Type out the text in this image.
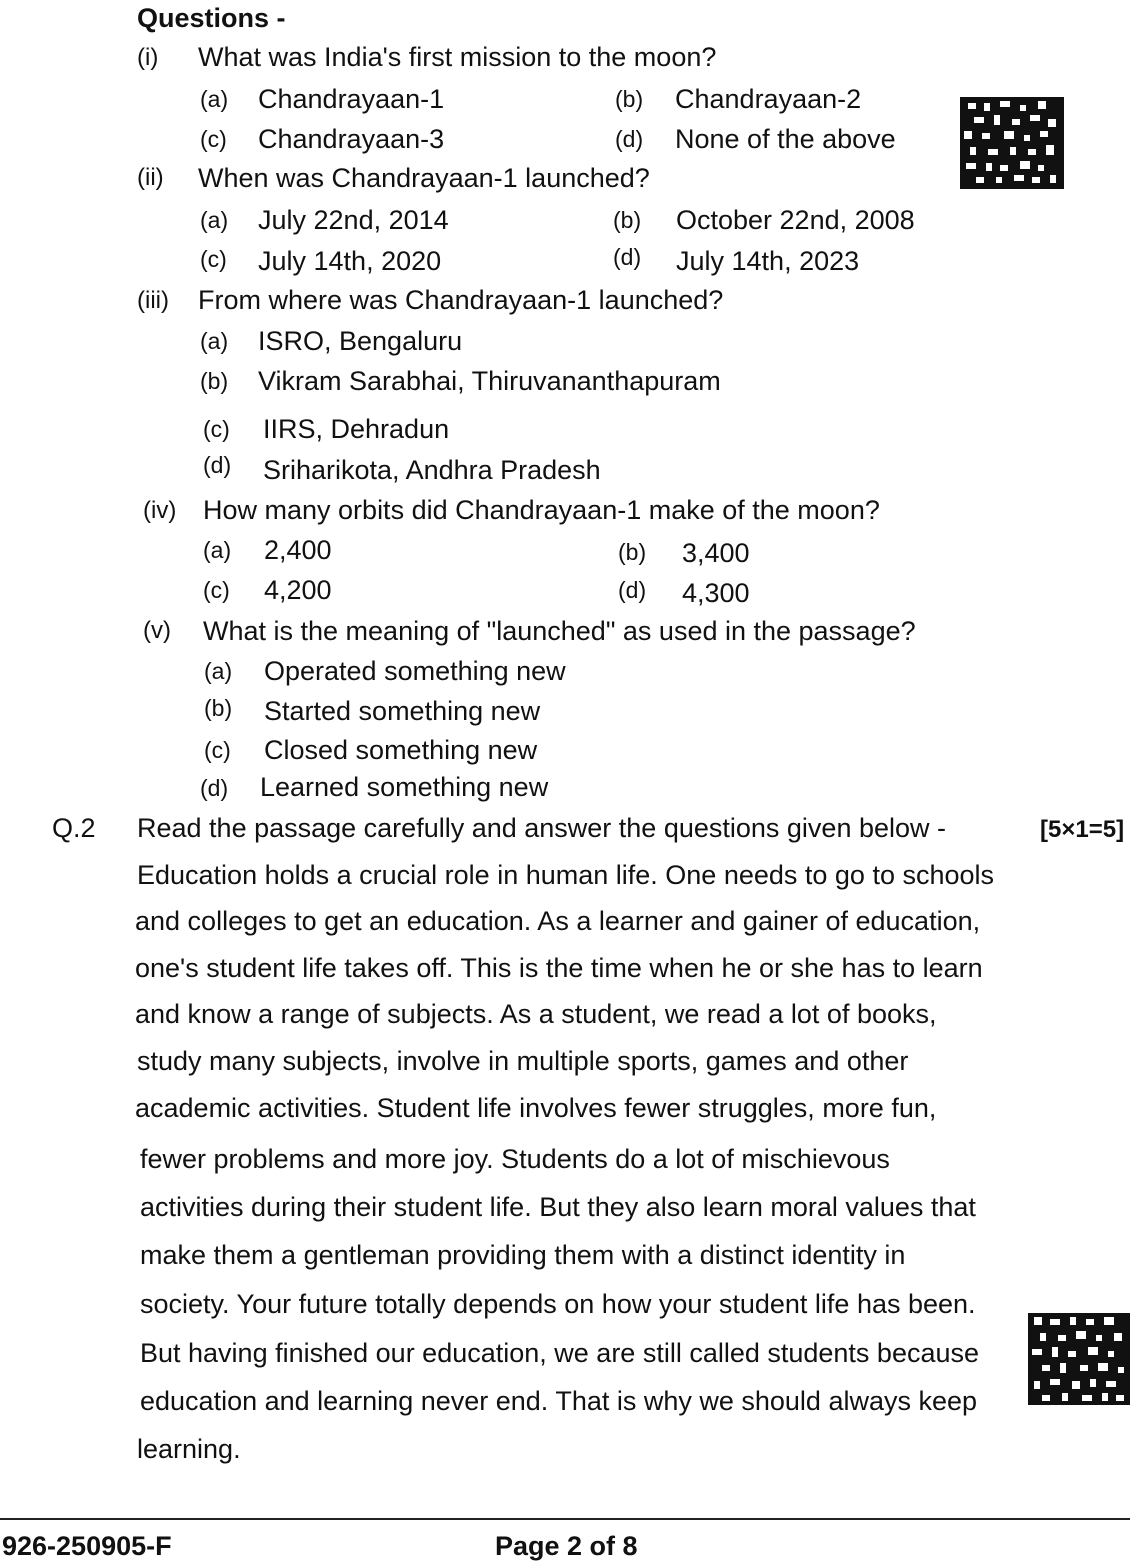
Questions -
(i) What was India's first mission to the moon?
(a) Chandrayaan-1	(b) Chandrayaan-2
(c) Chandrayaan-3	(d) None of the above
(ii) When was Chandrayaan-1 launched?
(a) July 22nd, 2014	(b) October 22nd, 2008
(c) July 14th, 2020	(d) July 14th, 2023
(iii) From where was Chandrayaan-1 launched?
(a) ISRO, Bengaluru
(b) Vikram Sarabhai, Thiruvananthapuram
(c) IIRS, Dehradun
(d) Sriharikota, Andhra Pradesh
(iv) How many orbits did Chandrayaan-1 make of the moon?
(a) 2,400	(b) 3,400
(c) 4,200	(d) 4,300
(v) What is the meaning of "launched" as used in the passage?
(a) Operated something new
(b) Started something new
(c) Closed something new
(d) Learned something new
Q.2 Read the passage carefully and answer the questions given below -	[5×1=5]
Education holds a crucial role in human life. One needs to go to schools
and colleges to get an education. As a learner and gainer of education,
one's student life takes off. This is the time when he or she has to learn
and know a range of subjects. As a student, we read a lot of books,
study many subjects, involve in multiple sports, games and other
academic activities. Student life involves fewer struggles, more fun,
fewer problems and more joy. Students do a lot of mischievous
activities during their student life. But they also learn moral values that
make them a gentleman providing them with a distinct identity in
society. Your future totally depends on how your student life has been.
But having finished our education, we are still called students because
education and learning never end. That is why we should always keep
learning.
926-250905-F	Page 2 of 8
